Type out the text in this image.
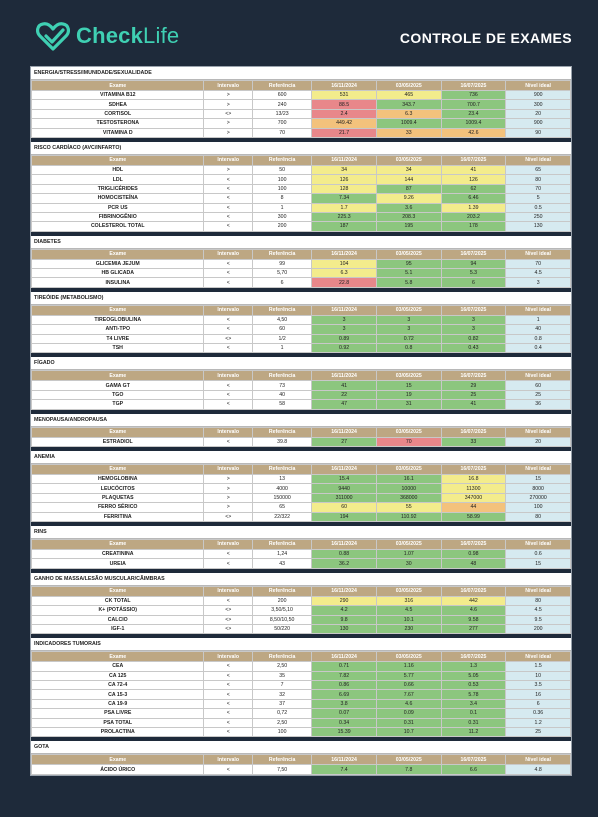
CheckLife	CONTROLE DE EXAMES
ENERGIA/STRESS/IMUNIDADE/SEXUALIDADE
Exame	Intervalo	Referência	16/11/2024	03/05/2025	16/07/2025	Nível ideal
VITAMINA B12	>	600	531	465	736	900
SDHEA	>	240	88.5	343.7	700.7	300
CORTISOL	<>	13/23	2.4	6.3	23.4	20
TESTOSTERONA	>	700	449.42	1009.4	1009.4	900
VITAMINA D	>	70	21.7	33	42.6	90
RISCO CARDÍACO (AVC/INFARTO)
Exame	Intervalo	Referência	16/11/2024	03/05/2025	16/07/2025	Nível ideal
HDL	>	50	34	34	41	65
LDL	<	100	126	144	126	80
TRIGLICÉRIDES	<	100	128	87	62	70
HOMOCISTEÍNA	<	8	7.34	9.26	6.46	5
PCR US	<	1	1.7	3.6	1.39	0.5
FIBRINOGÊNIO	<	300	225.3	208.3	203.2	250
COLESTEROL TOTAL	<	200	187	195	178	130
DIABETES
Exame	Intervalo	Referência	16/11/2024	03/05/2025	16/07/2025	Nível ideal
GLICEMIA JEJUM	<	99	104	95	94	70
HB GLICADA	<	5,70	6.3	5.1	5.3	4.5
INSULINA	<	6	22.8	5.8	6	3
TIREÓIDE (METABOLISMO)
Exame	Intervalo	Referência	16/11/2024	03/05/2025	16/07/2025	Nível ideal
TIREOGLOBULINA	<	4,50	3	3	3	1
ANTI-TPO	<	60	3	3	3	40
T4 LIVRE	<>	1/2	0.89	0.72	0.82	0.8
TSH	<	1	0.92	0.8	0.43	0.4
FÍGADO
Exame	Intervalo	Referência	16/11/2024	03/05/2025	16/07/2025	Nível ideal
GAMA GT	<	73	41	15	29	60
TGO	<	40	22	19	25	25
TGP	<	58	47	31	41	36
MENOPAUSA/ANDROPAUSA
Exame	Intervalo	Referência	16/11/2024	03/05/2025	16/07/2025	Nível ideal
ESTRADIOL	<	39.8	27	70	33	20
ANEMIA
Exame	Intervalo	Referência	16/11/2024	03/05/2025	16/07/2025	Nível ideal
HEMOGLOBINA	>	13	15.4	16.1	16.8	15
LEUCÓCITOS	>	4000	9440	10000	11300	8000
PLAQUETAS	>	150000	311000	368000	347000	270000
FERRO SÉRICO	>	65	60	55	44	100
FERRITINA	<>	22/322	194	110.92	58.99	80
RINS
Exame	Intervalo	Referência	16/11/2024	03/05/2025	16/07/2025	Nível ideal
CREATININA	<	1,24	0.88	1.07	0.98	0.6
UREIA	<	43	36.2	30	48	15
GANHO DE MASSA/LESÃO MUSCULAR/CÃIMBRAS
Exame	Intervalo	Referência	16/11/2024	03/05/2025	16/07/2025	Nível ideal
CK TOTAL	<	200	290	316	442	80
K+ (POTÁSSIO)	<>	3,50/5,10	4.2	4.5	4.6	4.5
CALCIO	<>	8,50/10,50	9.8	10.1	9.58	9.5
IGF-1	<>	50/220	130	230	277	200
INDICADORES TUMORAIS
Exame	Intervalo	Referência	16/11/2024	03/05/2025	16/07/2025	Nível ideal
CEA	<	2,50	0.71	1.16	1.3	1.5
CA 125	<	35	7.82	5.77	5.05	10
CA 72-4	<	7	0.86	0.66	0.53	3.5
CA 15-3	<	32	6.69	7.67	5.78	16
CA 19-9	<	37	3.8	4.6	3.4	6
PSA LIVRE	<	0,72	0.07	0.09	0.1	0.36
PSA TOTAL	<	2,50	0.34	0.31	0.31	1.2
PROLACTINA	<	100	15.39	10.7	11.2	25
GOTA
Exame	Intervalo	Referência	16/11/2024	03/05/2025	16/07/2025	Nível ideal
ÁCIDO ÚRICO	<	7,50	7.4	7.8	6.6	4.8
